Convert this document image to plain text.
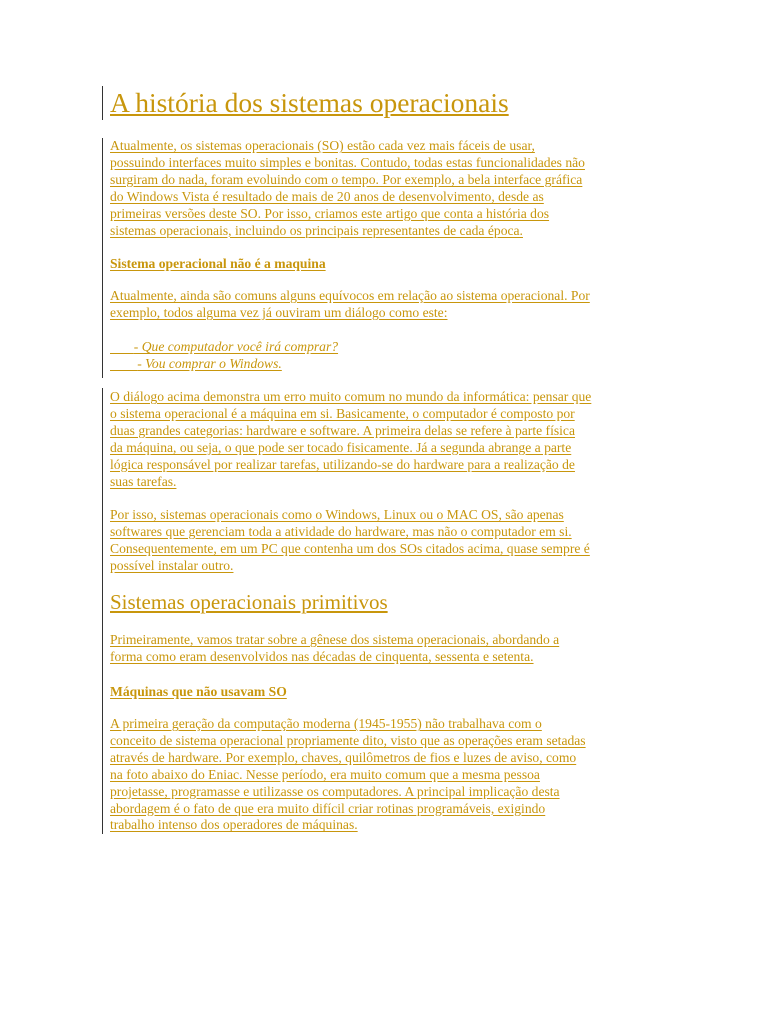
A história dos sistemas operacionais
Atualmente, os sistemas operacionais (SO) estão cada vez mais fáceis de usar,
possuindo interfaces muito simples e bonitas. Contudo, todas estas funcionalidades não
surgiram do nada, foram evoluindo com o tempo. Por exemplo, a bela interface gráfica
do Windows Vista é resultado de mais de 20 anos de desenvolvimento, desde as
primeiras versões deste SO. Por isso, criamos este artigo que conta a história dos
sistemas operacionais, incluindo os principais representantes de cada época.
Sistema operacional não é a maquina
Atualmente, ainda são comuns alguns equívocos em relação ao sistema operacional. Por
exemplo, todos alguma vez já ouviram um diálogo como este:
- Que computador você irá comprar?
- Vou comprar o Windows.
O diálogo acima demonstra um erro muito comum no mundo da informática: pensar que
o sistema operacional é a máquina em si. Basicamente, o computador é composto por
duas grandes categorias: hardware e software. A primeira delas se refere à parte física
da máquina, ou seja, o que pode ser tocado fisicamente. Já a segunda abrange a parte
lógica responsável por realizar tarefas, utilizando-se do hardware para a realização de
suas tarefas.
Por isso, sistemas operacionais como o Windows, Linux ou o MAC OS, são apenas
softwares que gerenciam toda a atividade do hardware, mas não o computador em si.
Consequentemente, em um PC que contenha um dos SOs citados acima, quase sempre é
possível instalar outro.
Sistemas operacionais primitivos
Primeiramente, vamos tratar sobre a gênese dos sistema operacionais, abordando a
forma como eram desenvolvidos nas décadas de cinquenta, sessenta e setenta.
Máquinas que não usavam SO
A primeira geração da computação moderna (1945-1955) não trabalhava com o
conceito de sistema operacional propriamente dito, visto que as operações eram setadas
através de hardware. Por exemplo, chaves, quilômetros de fios e luzes de aviso, como
na foto abaixo do Eniac. Nesse período, era muito comum que a mesma pessoa
projetasse, programasse e utilizasse os computadores. A principal implicação desta
abordagem é o fato de que era muito difícil criar rotinas programáveis, exigindo
trabalho intenso dos operadores de máquinas.
